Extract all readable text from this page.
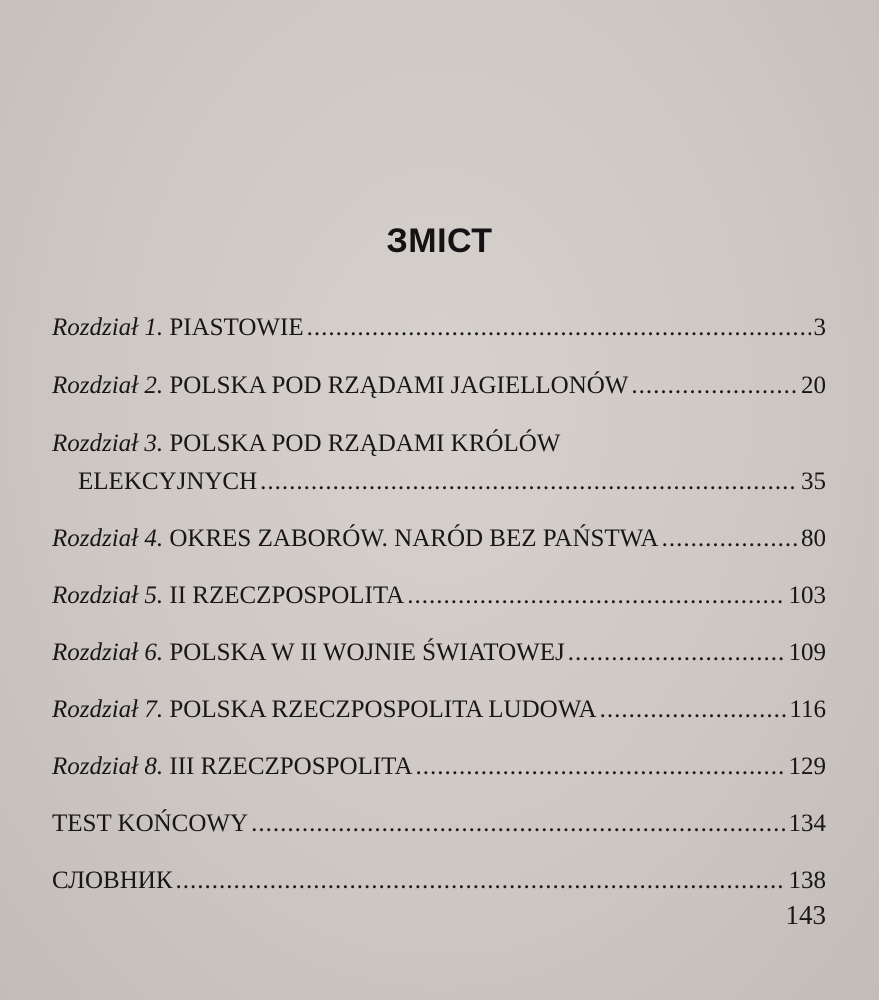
ЗМІСТ
Rozdział 1. PIASTOWIE .....	3
Rozdział 2. POLSKA POD RZĄDAMI JAGIELLONÓW .....	20
Rozdział 3. POLSKA POD RZĄDAMI KRÓLÓW
ELEKCYJNYCH .....	35
Rozdział 4. OKRES ZABORÓW. NARÓD BEZ PAŃSTWA .....	80
Rozdział 5. II RZECZPOSPOLITA .....	103
Rozdział 6. POLSKA W II WOJNIE ŚWIATOWEJ .....	109
Rozdział 7. POLSKA RZECZPOSPOLITA LUDOWA .....	116
Rozdział 8. III RZECZPOSPOLITA .....	129
TEST KOŃCOWY .....	134
СЛОВНИК .....	138
143
